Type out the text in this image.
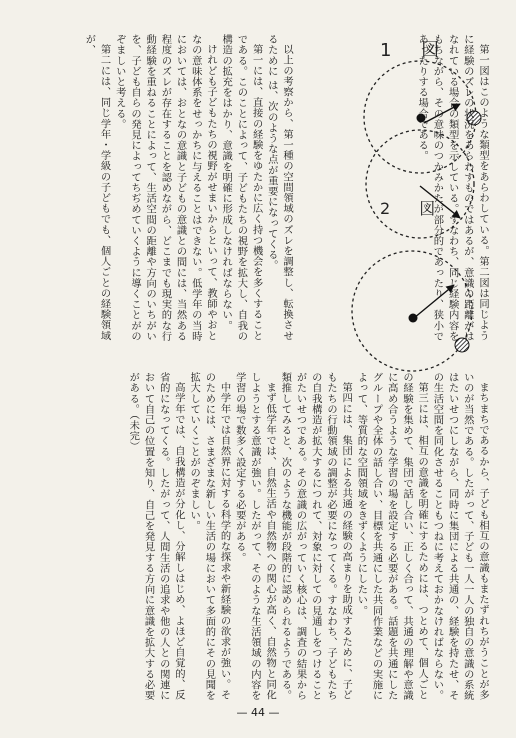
1 図
2 図	第一図はこのような類型をあらわしている。第二図は同じように経験のズレの状況をあらわすものではあるが、意識の距離がはなれている場合の類型を示している。すなわち、同じ経験内容をもちながら、その意味のつかみかたが部分的であったり、狭小であったりする場合である。

以上の考察から、第一種の空間領域のズレを調整し、転換させるために は、次のような点が重要になってくる。

第一には、直接の経験をゆたかに広く持つ機会を多くすることである。このことによって、子どもたちの視野を拡大し、自我の構造の拡充をはかり、意識を明確に形成しなければならない。

けれども子どもたちの視野がせまいからといって、教師やおとなの意味体系をせっかちに与えることはできない。低学年の当時においては、おとなの意識と子どもの意識との間には、当然ある程度のズレが存在することを認めながら、どこまでも現実的な行動経験を重ねることによって、生活空間の距離や方向のいちがいを、子ども自らの発見によってちぢめていくように導くことがのぞましいと考える。

第二には、同じ学年・学級の子どもでも、個人ごとの経験領域が、

まちまちであるから、子ども相互の意識もまたずれちがうことが多いのが当然である。したがって、子ども一人一人の独自の意識の系統はたいせつにしながら、同時に集団による共通の、経験を持たせ、その生活空間を同化させることもつねに考えておかなければならない。

第三には、相互の意識を明確にするためには、つとめて、個人ごとの経験を集めて、集団で話し合い、正しく合って、共通の理解や意識に高め合うような学習の場を設定する必要がある。話題を共通にしたグループや全体の話し合い、目標を共通にした共同作業などの実施によって、等質的な空間領域をきずくようにしたい。

第四には、集団による共通の経験の高まりを助成するために、子どもたちの行動領域の調整が必要になってくる。すなわち、子どもたちの自我構造が拡大するにつれて、対象に対しての見通しをつけることがたいせつである。その意識の広がっていく核心は、調査の結果から類推してみると、次のような機能が段階的に認められるようである。

まず低学年では、自然生活や自然物への関心が高く、自然物と同化しようとする意識が強い。したがって、そのような生活領域の内容を学習の場で数多く設定する必要がある。

中学年では自然界に対する科学的な探求や新経験の欲求が強い。そのためには、さまざまな新しい生活の場において多面的にその見聞を拡大していくことがのぞましい。

高学年では、自我構造が分化し、分解しはじめ、よほど自覚的、反省的になってくる。したがって、人間生活の追求や他の人との関連において自己の位置を知り、自己を発見する方向に意識を拡大する必要がある。（未完）

— 44 —
